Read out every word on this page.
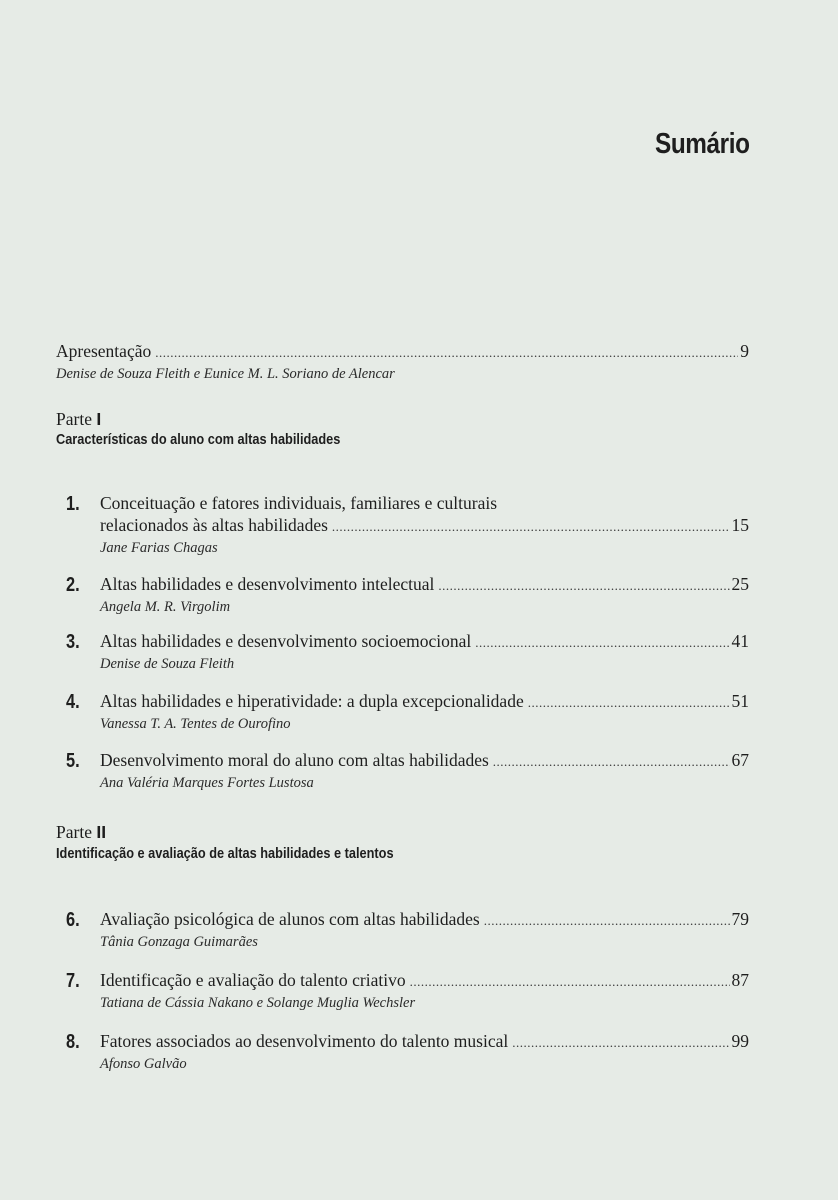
Sumário
Apresentação .....	9
Denise de Souza Fleith e Eunice M. L. Soriano de Alencar
Parte I
Características do aluno com altas habilidades
1. Conceituação e fatores individuais, familiares e culturais
relacionados às altas habilidades .....	15
Jane Farias Chagas
2. Altas habilidades e desenvolvimento intelectual .....	25
Angela M. R. Virgolim
3. Altas habilidades e desenvolvimento socioemocional .....	41
Denise de Souza Fleith
4. Altas habilidades e hiperatividade: a dupla excepcionalidade .....	51
Vanessa T. A. Tentes de Ourofino
5. Desenvolvimento moral do aluno com altas habilidades .....	67
Ana Valéria Marques Fortes Lustosa
Parte II
Identificação e avaliação de altas habilidades e talentos
6. Avaliação psicológica de alunos com altas habilidades .....	79
Tânia Gonzaga Guimarães
7. Identificação e avaliação do talento criativo .....	87
Tatiana de Cássia Nakano e Solange Muglia Wechsler
8. Fatores associados ao desenvolvimento do talento musical .....	99
Afonso Galvão
